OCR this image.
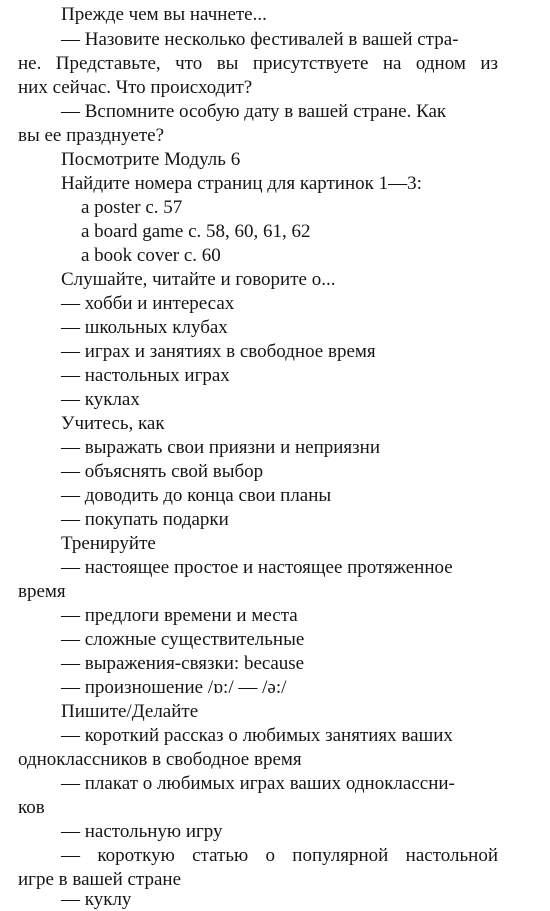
Прежде чем вы начнете...
— Назовите несколько фестивалей в вашей стра-
не. Представьте, что вы присутствуете на одном из
них сейчас. Что происходит?
— Вспомните особую дату в вашей стране. Как
вы ее празднуете?
Посмотрите Модуль 6
Найдите номера страниц для картинок 1—3:
a poster с. 57
a board game с. 58, 60, 61, 62
a book cover с. 60
Слушайте, читайте и говорите о...
— хобби и интересах
— школьных клубах
— играх и занятиях в свободное время
— настольных играх
— куклах
Учитесь, как
— выражать свои приязни и неприязни
— объяснять свой выбор
— доводить до конца свои планы
— покупать подарки
Тренируйте
— настоящее простое и настоящее протяженное
время
— предлоги времени и места
— сложные существительные
— выражения-связки: because
— произношение /ɒ:/ — /ə:/
Пишите/Делайте
— короткий рассказ о любимых занятиях ваших
одноклассников в свободное время
— плакат о любимых играх ваших одноклассни-
ков
— настольную игру
— короткую статью о популярной настольной
игре в вашей стране
— куклу
